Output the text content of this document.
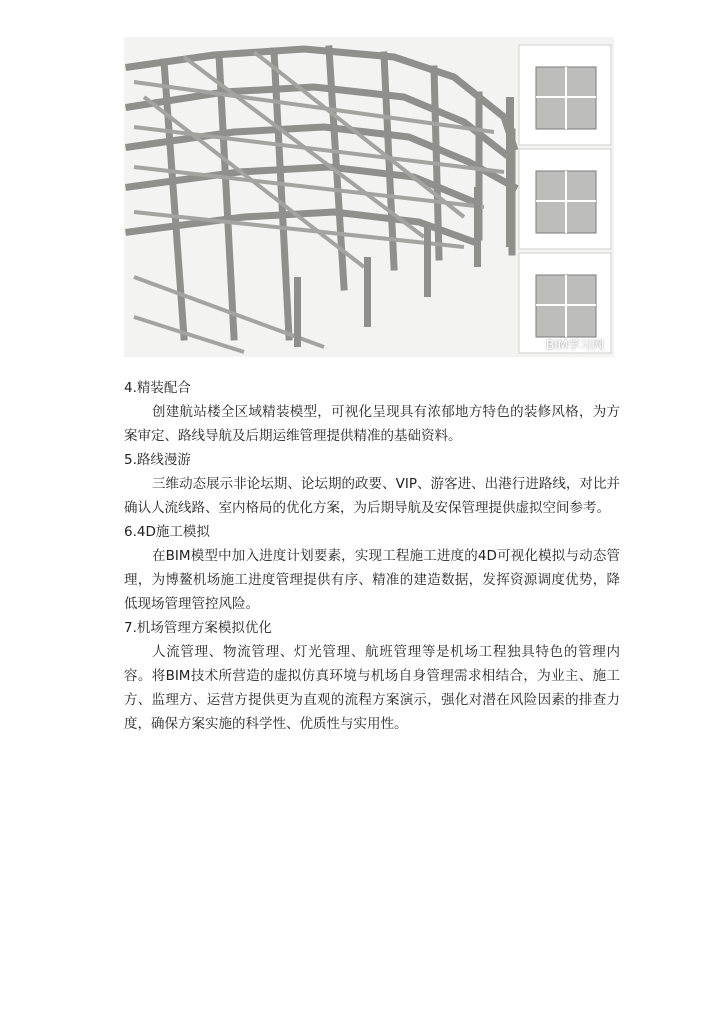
BIM学习网

4.精装配合

创建航站楼全区域精装模型，可视化呈现具有浓郁地方特色的装修风格，为方案审定、路线导航及后期运维管理提供精准的基础资料。

5.路线漫游

三维动态展示非论坛期、论坛期的政要、VIP、游客进、出港行进路线，对比并确认人流线路、室内格局的优化方案，为后期导航及安保管理提供虚拟空间参考。

6.4D施工模拟

在BIM模型中加入进度计划要素，实现工程施工进度的4D可视化模拟与动态管理，为博鳌机场施工进度管理提供有序、精准的建造数据，发挥资源调度优势，降低现场管理管控风险。

7.机场管理方案模拟优化

人流管理、物流管理、灯光管理、航班管理等是机场工程独具特色的管理内容。将BIM技术所营造的虚拟仿真环境与机场自身管理需求相结合，为业主、施工方、监理方、运营方提供更为直观的流程方案演示，强化对潜在风险因素的排查力度，确保方案实施的科学性、优质性与实用性。
